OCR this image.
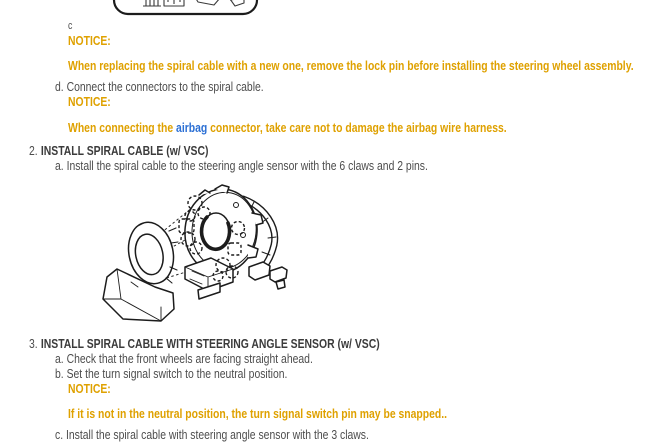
c
NOTICE:
When replacing the spiral cable with a new one, remove the lock pin before installing the steering wheel assembly.
d. Connect the connectors to the spiral cable.
NOTICE:
When connecting the airbag connector, take care not to damage the airbag wire harness.
2. INSTALL SPIRAL CABLE (w/ VSC)
a. Install the spiral cable to the steering angle sensor with the 6 claws and 2 pins.
3. INSTALL SPIRAL CABLE WITH STEERING ANGLE SENSOR (w/ VSC)
a. Check that the front wheels are facing straight ahead.
b. Set the turn signal switch to the neutral position.
NOTICE:
If it is not in the neutral position, the turn signal switch pin may be snapped..
c. Install the spiral cable with steering angle sensor with the 3 claws.
